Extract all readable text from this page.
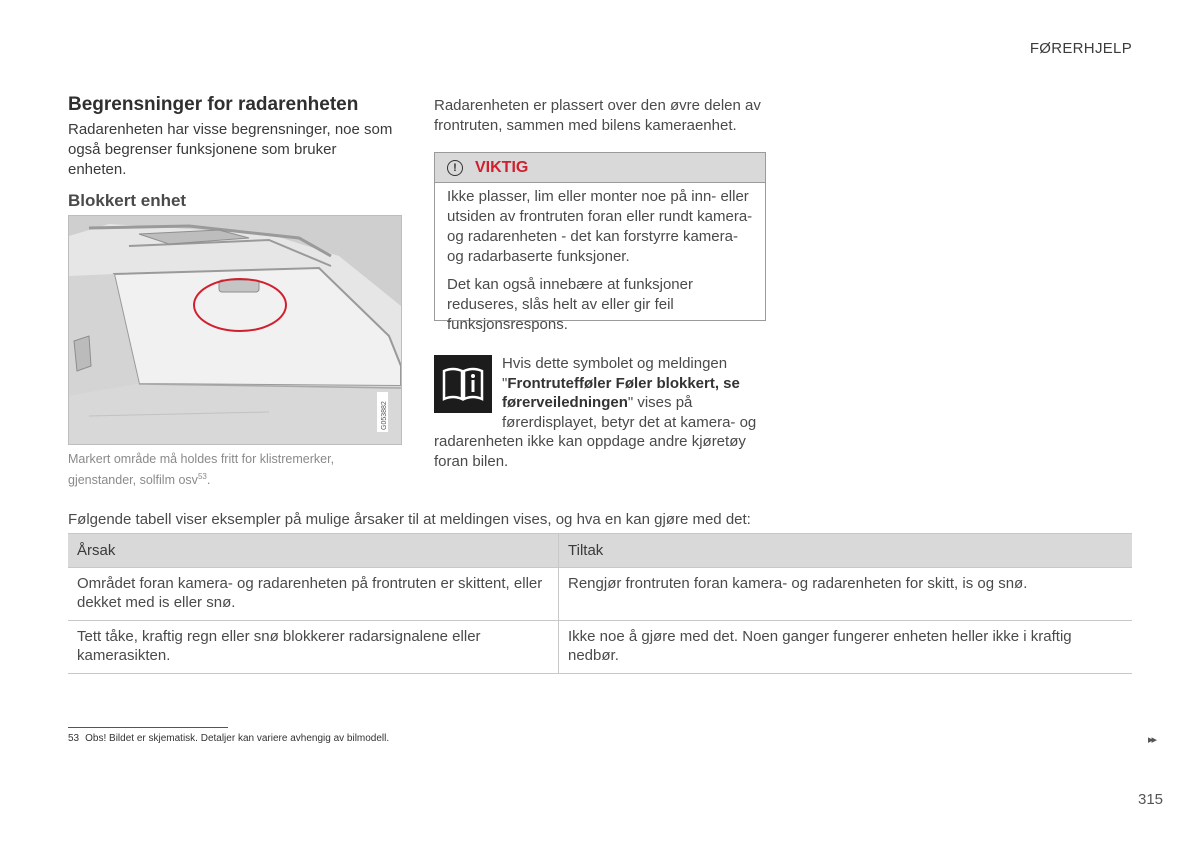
FØRERHJELP
Begrensninger for radarenheten
Radarenheten har visse begrensninger, noe som også begrenser funksjonene som bruker enheten.
Blokkert enhet
G053882
Markert område må holdes fritt for klistremerker, gjenstander, solfilm osv$^{53}$.
Radarenheten er plassert over den øvre delen av frontruten, sammen med bilens kameraenhet.
!	VIKTIG
Ikke plasser, lim eller monter noe på inn- eller utsiden av frontruten foran eller rundt kamera- og radarenheten - det kan forstyrre kamera- og radarbaserte funksjoner.
Det kan også innebære at funksjoner reduseres, slås helt av eller gir feil funksjonsrespons.
Hvis dette symbolet og meldingen "Frontrutefføler Føler blokkert, se førerveiledningen" vises på førerdisplayet, betyr det at kamera- og radarenheten ikke kan oppdage andre kjøretøy foran bilen.
Følgende tabell viser eksempler på mulige årsaker til at meldingen vises, og hva en kan gjøre med det:
Årsak	Tiltak
Området foran kamera- og radarenheten på frontruten er skittent, eller dekket med is eller snø.	Rengjør frontruten foran kamera- og radarenheten for skitt, is og snø.
Tett tåke, kraftig regn eller snø blokkerer radarsignalene eller kamerasikten.	Ikke noe å gjøre med det. Noen ganger fungerer enheten heller ikke i kraftig nedbør.
53 Obs! Bildet er skjematisk. Detaljer kan variere avhengig av bilmodell.	▸▸
315
